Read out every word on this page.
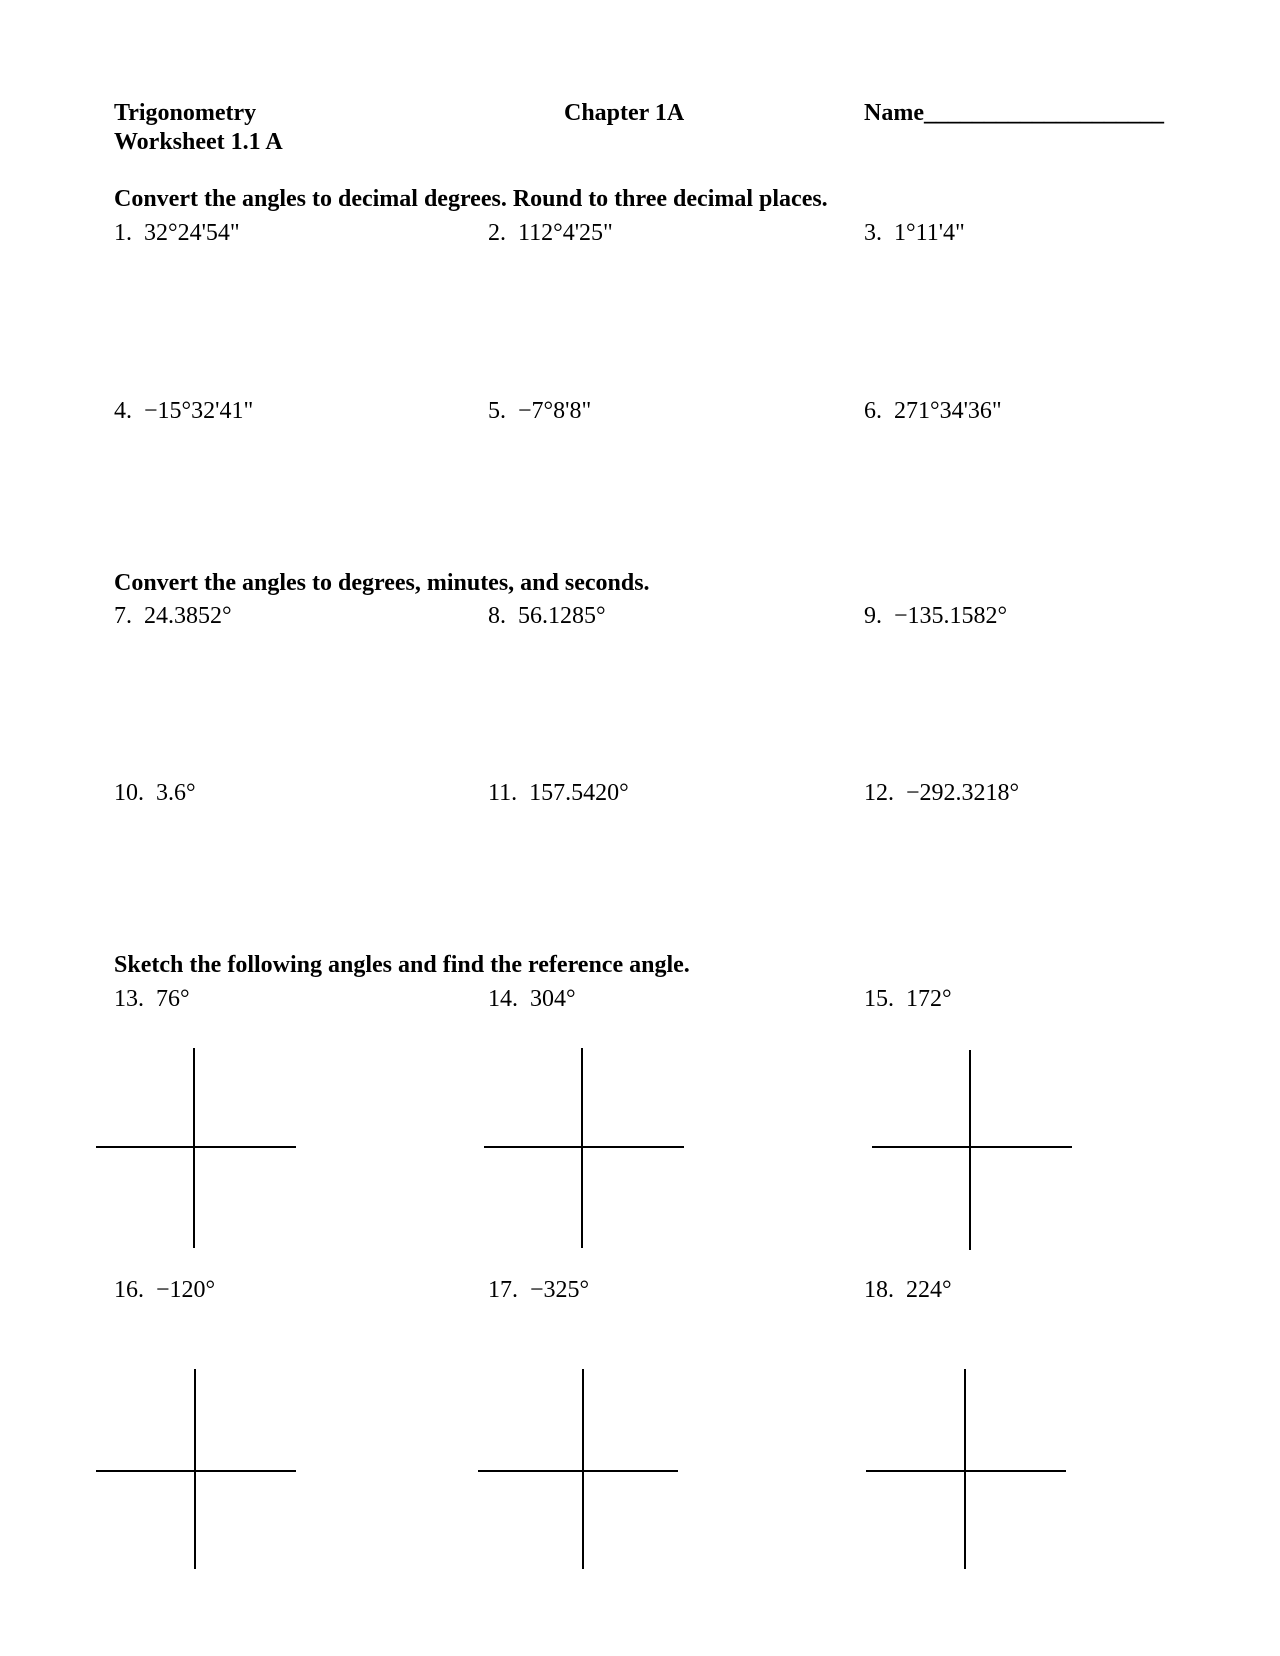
Trigonometry
Worksheet 1.1 A
Chapter 1A	Name____________________
Convert the angles to decimal degrees. Round to three decimal places.
1. 32°24'54"	2. 112°4'25"	3. 1°11'4"
4. −15°32'41"	5. −7°8'8"	6. 271°34'36"
Convert the angles to degrees, minutes, and seconds.
7. 24.3852°	8. 56.1285°	9. −135.1582°
10. 3.6°	11. 157.5420°	12. −292.3218°
Sketch the following angles and find the reference angle.
13. 76°	14. 304°	15. 172°
16. −120°	17. −325°	18. 224°
